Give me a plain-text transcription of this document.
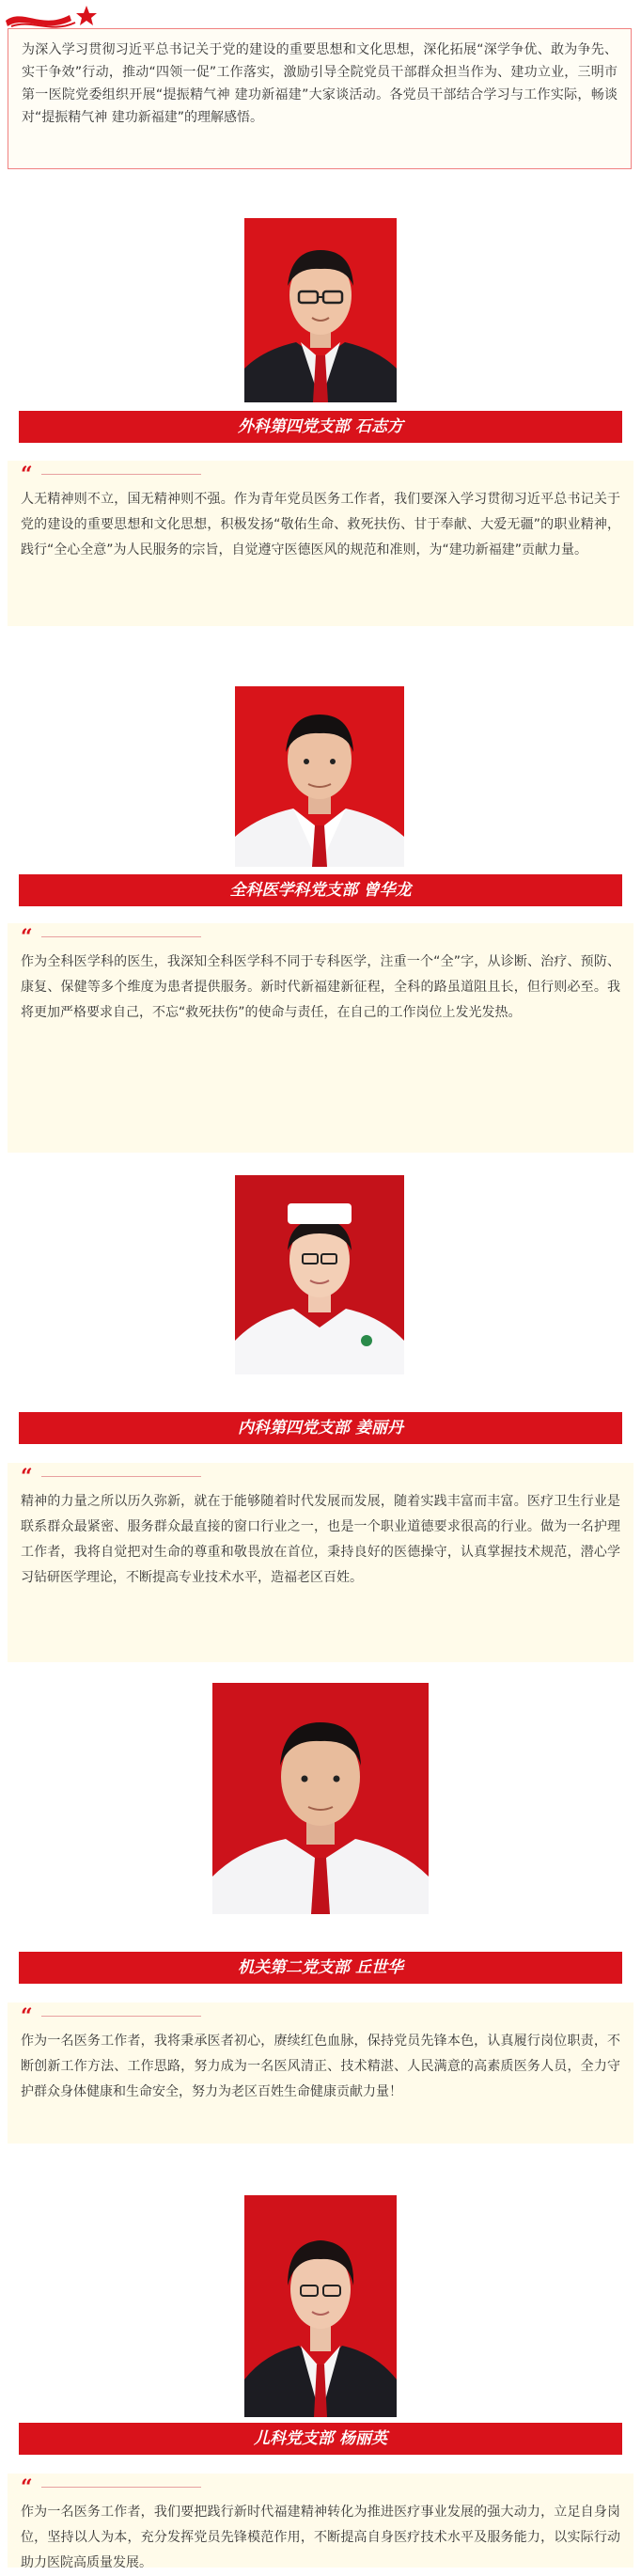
为深入学习贯彻习近平总书记关于党的建设的重要思想和文化思想，深化拓展“深学争优、敢为争先、实干争效”行动，推动“四领一促”工作落实，激励引导全院党员干部群众担当作为、建功立业，三明市第一医院党委组织开展“提振精气神 建功新福建”大家谈活动。各党员干部结合学习与工作实际，畅谈对“提振精气神 建功新福建”的理解感悟。
外科第四党支部 石志方
“

人无精神则不立，国无精神则不强。作为青年党员医务工作者，我们要深入学习贯彻习近平总书记关于党的建设的重要思想和文化思想，积极发扬“敬佑生命、救死扶伤、甘于奉献、大爱无疆”的职业精神，践行“全心全意”为人民服务的宗旨，自觉遵守医德医风的规范和准则，为“建功新福建”贡献力量。

全科医学科党支部 曾华龙
“

作为全科医学科的医生，我深知全科医学科不同于专科医学，注重一个“全”字，从诊断、治疗、预防、康复、保健等多个维度为患者提供服务。新时代新福建新征程，全科的路虽道阻且长，但行则必至。我将更加严格要求自己，不忘“救死扶伤”的使命与责任，在自己的工作岗位上发光发热。

内科第四党支部 姜丽丹
“

精神的力量之所以历久弥新，就在于能够随着时代发展而发展，随着实践丰富而丰富。医疗卫生行业是联系群众最紧密、服务群众最直接的窗口行业之一，也是一个职业道德要求很高的行业。做为一名护理工作者，我将自觉把对生命的尊重和敬畏放在首位，秉持良好的医德操守，认真掌握技术规范，潜心学习钻研医学理论，不断提高专业技术水平，造福老区百姓。

机关第二党支部 丘世华
“

作为一名医务工作者，我将秉承医者初心，赓续红色血脉，保持党员先锋本色，认真履行岗位职责，不断创新工作方法、工作思路，努力成为一名医风清正、技术精湛、人民满意的高素质医务人员，全力守护群众身体健康和生命安全，努力为老区百姓生命健康贡献力量！

儿科党支部 杨丽英
“

作为一名医务工作者，我们要把践行新时代福建精神转化为推进医疗事业发展的强大动力，立足自身岗位，坚持以人为本，充分发挥党员先锋模范作用，不断提高自身医疗技术水平及服务能力，以实际行动助力医院高质量发展。
